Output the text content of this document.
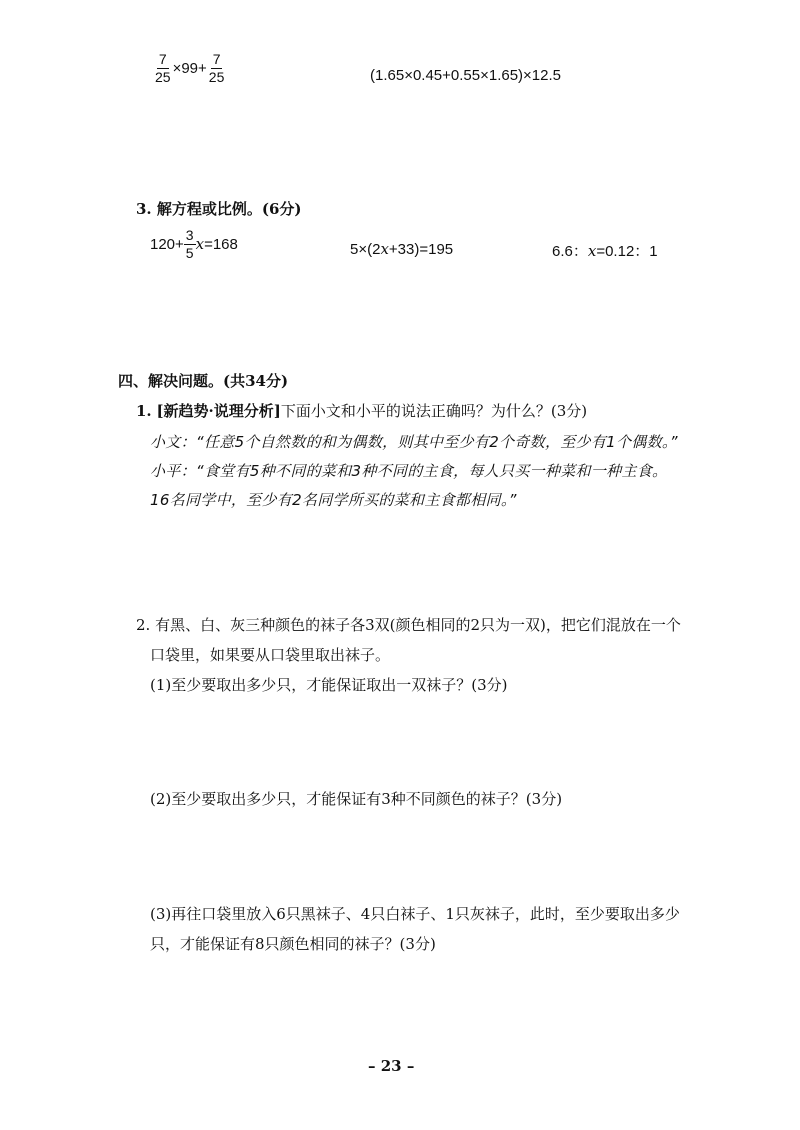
$\frac{7}{25} \times 99+ \frac{7}{25}$	(1.65×0.45+0.55×1.65)×12.5
3. 解方程或比例。(6分)
$120+ \frac{3}{5} x=168$	5×(2x+33)=195	6.6：x=0.12：1
四、解决问题。(共34分)
1. [新趋势·说理分析]下面小文和小平的说法正确吗？为什么？(3分)
小文：“任意5个自然数的和为偶数，则其中至少有2个奇数，至少有1个偶数。”
小平：“食堂有5种不同的菜和3种不同的主食，每人只买一种菜和一种主食。
16名同学中，至少有2名同学所买的菜和主食都相同。”
2. 有黑、白、灰三种颜色的袜子各3双(颜色相同的2只为一双)，把它们混放在一个
口袋里，如果要从口袋里取出袜子。
(1)至少要取出多少只，才能保证取出一双袜子？(3分)
(2)至少要取出多少只，才能保证有3种不同颜色的袜子？(3分)
(3)再往口袋里放入6只黑袜子、4只白袜子、1只灰袜子，此时，至少要取出多少
只，才能保证有8只颜色相同的袜子？(3分)
– 23 –
